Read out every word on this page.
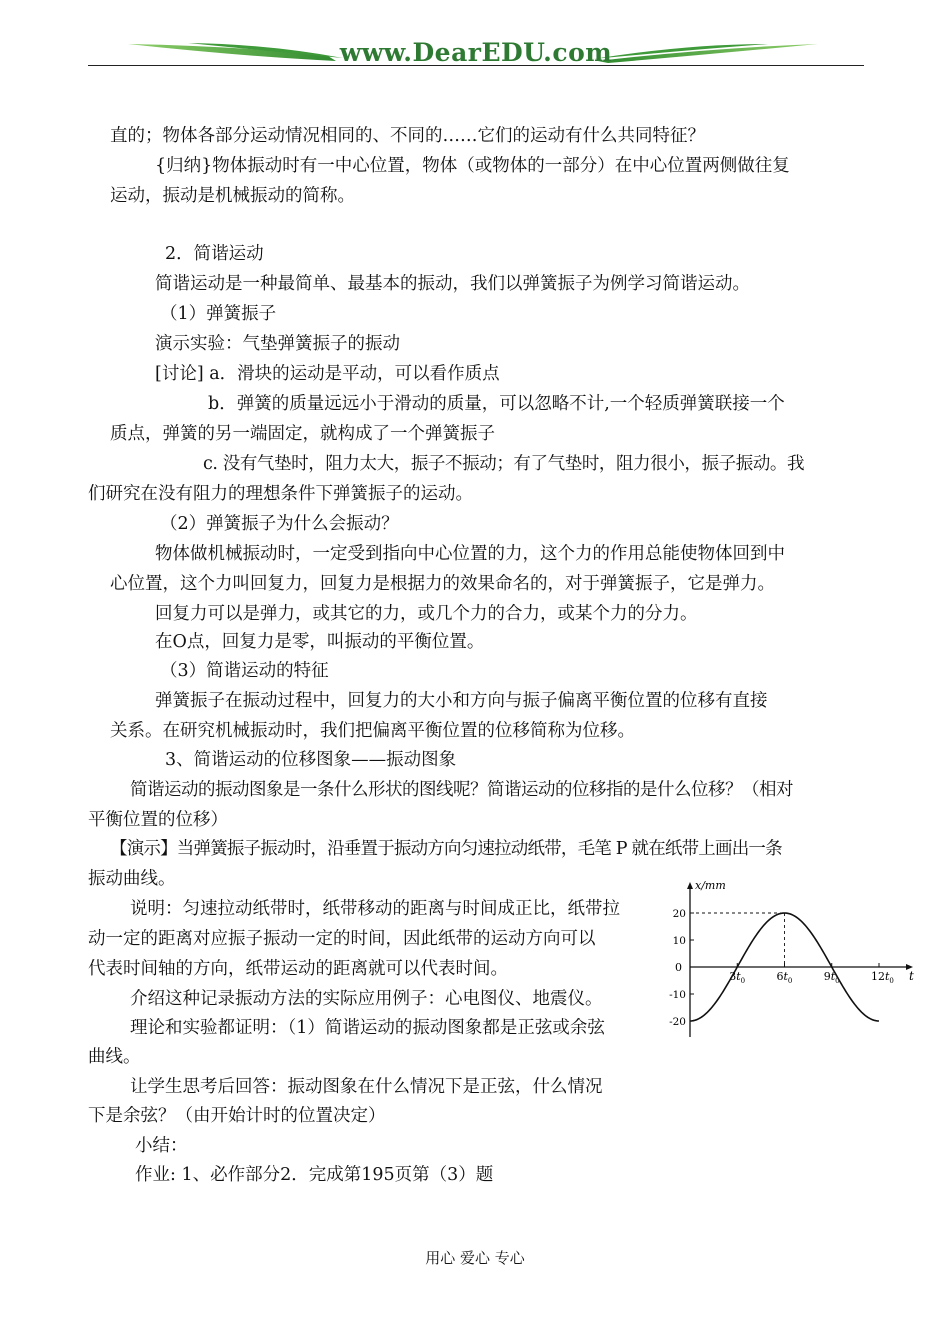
www.DearEDU.com
直的；物体各部分运动情况相同的、不同的……它们的运动有什么共同特征？
{归纳}物体振动时有一中心位置，物体（或物体的一部分）在中心位置两侧做往复
运动，振动是机械振动的简称。
2．简谐运动
简谐运动是一种最简单、最基本的振动，我们以弹簧振子为例学习简谐运动。
（1）弹簧振子
演示实验：气垫弹簧振子的振动
[讨论] a．滑块的运动是平动，可以看作质点
b．弹簧的质量远远小于滑动的质量，可以忽略不计,一个轻质弹簧联接一个
质点，弹簧的另一端固定，就构成了一个弹簧振子
c. 没有气垫时，阻力太大，振子不振动；有了气垫时，阻力很小，振子振动。我
们研究在没有阻力的理想条件下弹簧振子的运动。
（2）弹簧振子为什么会振动？
物体做机械振动时，一定受到指向中心位置的力，这个力的作用总能使物体回到中
心位置，这个力叫回复力，回复力是根据力的效果命名的，对于弹簧振子，它是弹力。
回复力可以是弹力，或其它的力，或几个力的合力，或某个力的分力。
在O点，回复力是零，叫振动的平衡位置。
（3）简谐运动的特征
弹簧振子在振动过程中，回复力的大小和方向与振子偏离平衡位置的位移有直接
关系。在研究机械振动时，我们把偏离平衡位置的位移简称为位移。
3、简谐运动的位移图象——振动图象
简谐运动的振动图象是一条什么形状的图线呢？简谐运动的位移指的是什么位移？（相对
平衡位置的位移）
【演示】当弹簧振子振动时，沿垂置于振动方向匀速拉动纸带，毛笔 P 就在纸带上画出一条
振动曲线。
说明：匀速拉动纸带时，纸带移动的距离与时间成正比，纸带拉
动一定的距离对应振子振动一定的时间，因此纸带的运动方向可以
代表时间轴的方向，纸带运动的距离就可以代表时间。
介绍这种记录振动方法的实际应用例子：心电图仪、地震仪。
理论和实验都证明：（1）简谐运动的振动图象都是正弦或余弦
曲线。
让学生思考后回答：振动图象在什么情况下是正弦，什么情况
下是余弦？（由开始计时的位置决定）
小结：
作业: 1、必作部分2．完成第195页第（3）题
x/mm
t
0
20
10
-10
-20
$3t_0$	$6t_0$	$9t_0$	$12t_0$
用心 爱心 专心
